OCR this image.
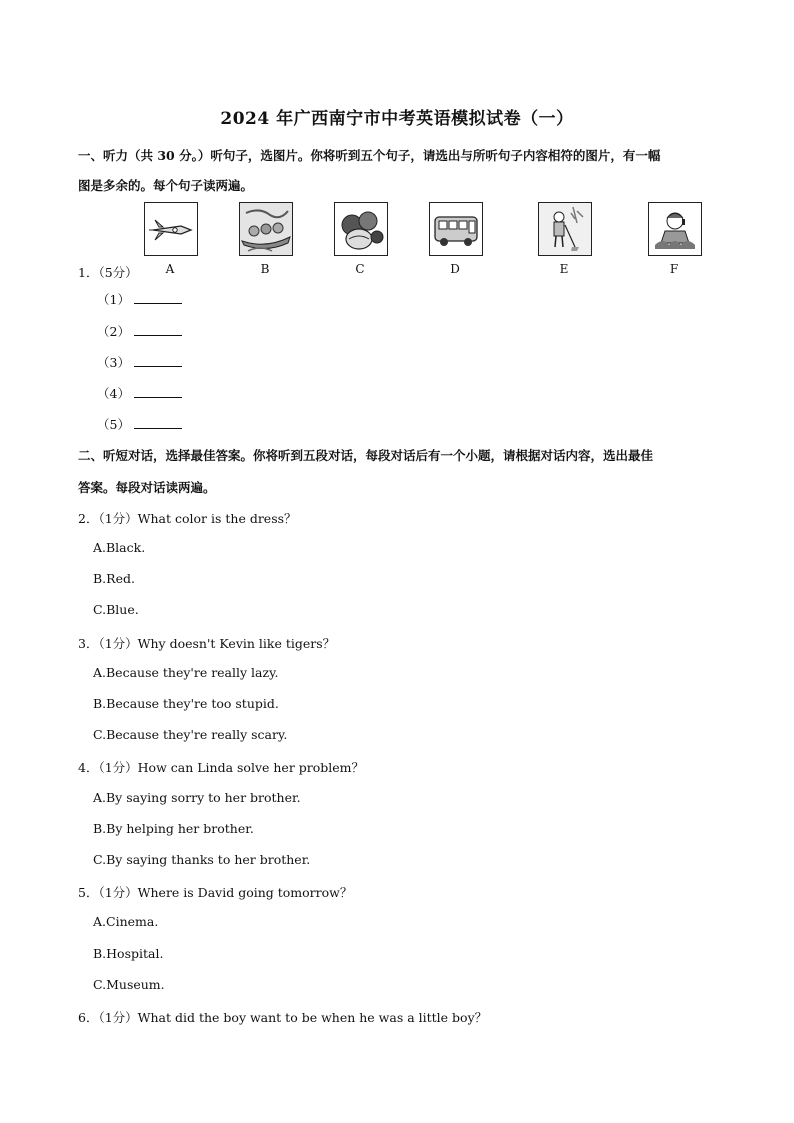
2024 年广西南宁市中考英语模拟试卷（一）
一、听力（共 30 分。）听句子，选图片。你将听到五个句子，请选出与所听句子内容相符的图片，有一幅
图是多余的。每个句子读两遍。
A	B	C	D	E	F
1．（5分）
（1）
（2）
（3）
（4）
（5）
二、听短对话，选择最佳答案。你将听到五段对话，每段对话后有一个小题，请根据对话内容，选出最佳
答案。每段对话读两遍。
2．（1分）What color is the dress？
A.Black.
B.Red.
C.Blue.
3．（1分）Why doesn't Kevin like tigers？
A.Because they're really lazy.
B.Because they're too stupid.
C.Because they're really scary.
4．（1分）How can Linda solve her problem？
A.By saying sorry to her brother.
B.By helping her brother.
C.By saying thanks to her brother.
5．（1分）Where is David going tomorrow？
A.Cinema.
B.Hospital.
C.Museum.
6．（1分）What did the boy want to be when he was a little boy？
